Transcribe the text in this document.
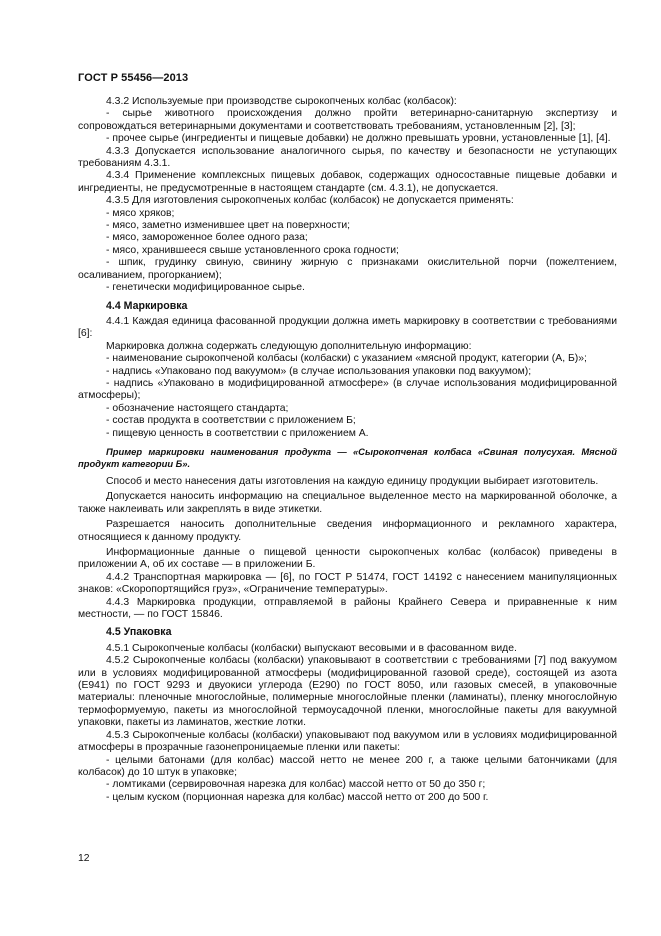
ГОСТ Р 55456—2013

4.3.2 Используемые при производстве сырокопченых колбас (колбасок):

- сырье животного происхождения должно пройти ветеринарно-санитарную экспертизу и сопровождаться ветеринарными документами и соответствовать требованиям, установленным [2], [3];

- прочее сырье (ингредиенты и пищевые добавки) не должно превышать уровни, установленные [1], [4].

4.3.3 Допускается использование аналогичного сырья, по качеству и безопасности не уступающих требованиям 4.3.1.

4.3.4 Применение комплексных пищевых добавок, содержащих односоставные пищевые добавки и ингредиенты, не предусмотренные в настоящем стандарте (см. 4.3.1), не допускается.

4.3.5 Для изготовления сырокопченых колбас (колбасок) не допускается применять:

- мясо хряков;

- мясо, заметно изменившее цвет на поверхности;

- мясо, замороженное более одного раза;

- мясо, хранившееся свыше установленного срока годности;

- шпик, грудинку свиную, свинину жирную с признаками окислительной порчи (пожелтением, осаливанием, прогорканием);

- генетически модифицированное сырье.

4.4 Маркировка

4.4.1 Каждая единица фасованной продукции должна иметь маркировку в соответствии с требованиями [6]:

Маркировка должна содержать следующую дополнительную информацию:

- наименование сырокопченой колбасы (колбаски) с указанием «мясной продукт, категории (А, Б)»;

- надпись «Упаковано под вакуумом» (в случае использования упаковки под вакуумом);

- надпись «Упаковано в модифицированной атмосфере» (в случае использования модифицированной атмосферы);

- обозначение настоящего стандарта;

- состав продукта в соответствии с приложением Б;

- пищевую ценность в соответствии с приложением А.

Пример маркировки наименования продукта — «Сырокопченая колбаса «Свиная полусухая. Мясной продукт категории Б».

Способ и место нанесения даты изготовления на каждую единицу продукции выбирает изготовитель.

Допускается наносить информацию на специальное выделенное место на маркированной оболочке, а также наклеивать или закреплять в виде этикетки.

Разрешается наносить дополнительные сведения информационного и рекламного характера, относящиеся к данному продукту.

Информационные данные о пищевой ценности сырокопченых колбас (колбасок) приведены в приложении А, об их составе — в приложении Б.

4.4.2 Транспортная маркировка — [6], по ГОСТ Р 51474, ГОСТ 14192 с нанесением манипуляционных знаков: «Скоропортящийся груз», «Ограничение температуры».

4.4.3 Маркировка продукции, отправляемой в районы Крайнего Севера и приравненные к ним местности, — по ГОСТ 15846.

4.5 Упаковка

4.5.1 Сырокопченые колбасы (колбаски) выпускают весовыми и в фасованном виде.

4.5.2 Сырокопченые колбасы (колбаски) упаковывают в соответствии с требованиями [7] под вакуумом или в условиях модифицированной атмосферы (модифицированной газовой среде), состоящей из азота (Е941) по ГОСТ 9293 и двуокиси углерода (Е290) по ГОСТ 8050, или газовых смесей, в упаковочные материалы: пленочные многослойные, полимерные многослойные пленки (ламинаты), пленку многослойную термоформуемую, пакеты из многослойной термоусадочной пленки, многослойные пакеты для вакуумной упаковки, пакеты из ламинатов, жесткие лотки.

4.5.3 Сырокопченые колбасы (колбаски) упаковывают под вакуумом или в условиях модифицированной атмосферы в прозрачные газонепроницаемые пленки или пакеты:

- целыми батонами (для колбас) массой нетто не менее 200 г, а также целыми батончиками (для колбасок) до 10 штук в упаковке;

- ломтиками (сервировочная нарезка для колбас) массой нетто от 50 до 350 г;

- целым куском (порционная нарезка для колбас) массой нетто от 200 до 500 г.

12
